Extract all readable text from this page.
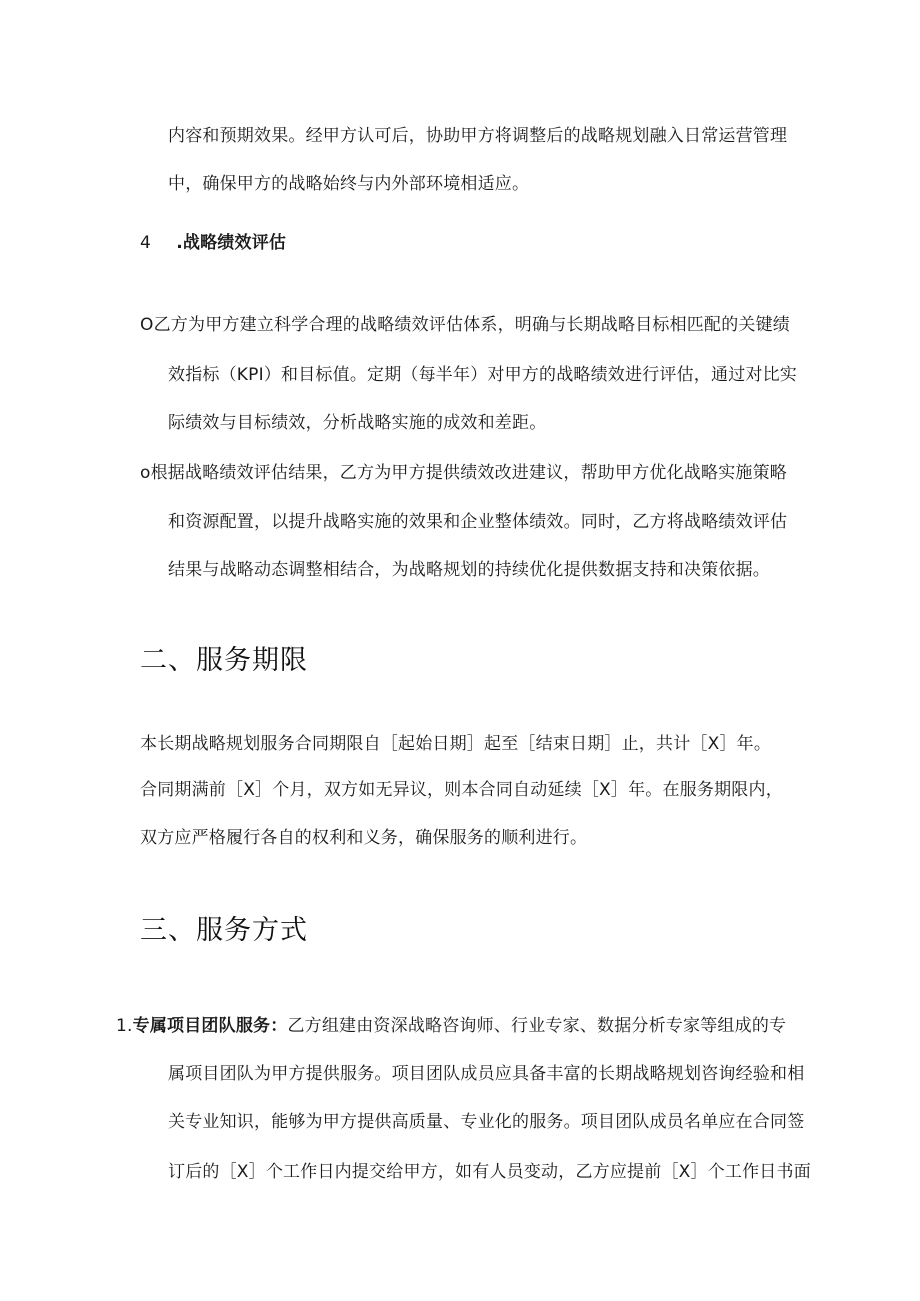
内容和预期效果。经甲方认可后，协助甲方将调整后的战略规划融入日常运营管理
中，确保甲方的战略始终与内外部环境相适应。
4 .战略绩效评估
O乙方为甲方建立科学合理的战略绩效评估体系，明确与长期战略目标相匹配的关键绩
效指标（KPI）和目标值。定期（每半年）对甲方的战略绩效进行评估，通过对比实
际绩效与目标绩效，分析战略实施的成效和差距。
o根据战略绩效评估结果，乙方为甲方提供绩效改进建议，帮助甲方优化战略实施策略
和资源配置，以提升战略实施的效果和企业整体绩效。同时，乙方将战略绩效评估
结果与战略动态调整相结合，为战略规划的持续优化提供数据支持和决策依据。
二、服务期限
本长期战略规划服务合同期限自［起始日期］起至［结束日期］止，共计［X］年。
合同期满前［X］个月，双方如无异议，则本合同自动延续［X］年。在服务期限内，
双方应严格履行各自的权利和义务，确保服务的顺利进行。
三、服务方式
1.专属项目团队服务：乙方组建由资深战略咨询师、行业专家、数据分析专家等组成的专
属项目团队为甲方提供服务。项目团队成员应具备丰富的长期战略规划咨询经验和相
关专业知识，能够为甲方提供高质量、专业化的服务。项目团队成员名单应在合同签
订后的［X］个工作日内提交给甲方，如有人员变动，乙方应提前［X］个工作日书面
